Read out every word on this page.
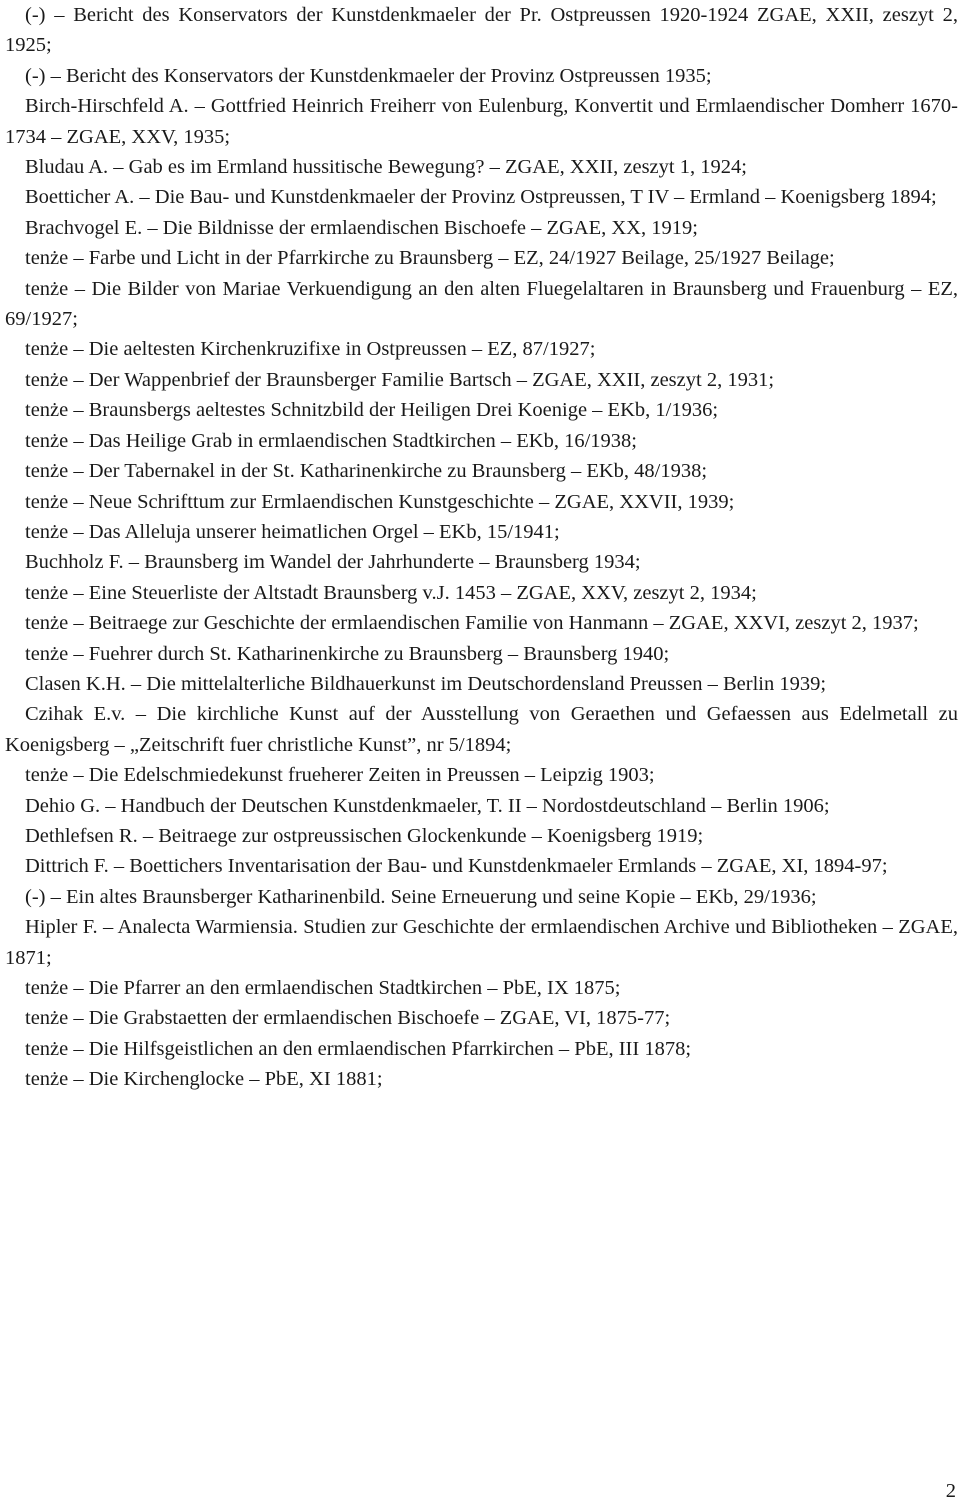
(-) – Bericht des Konservators der Kunstdenkmaeler der Pr. Ostpreussen 1920-1924 ZGAE, XXII, zeszyt 2, 1925;

(-) – Bericht des Konservators der Kunstdenkmaeler der Provinz Ostpreussen 1935;

Birch-Hirschfeld A. – Gottfried Heinrich Freiherr von Eulenburg, Konvertit und Ermlaendischer Domherr 1670-1734 – ZGAE, XXV, 1935;

Bludau A. – Gab es im Ermland hussitische Bewegung? – ZGAE, XXII, zeszyt 1, 1924;

Boetticher A. – Die Bau- und Kunstdenkmaeler der Provinz Ostpreussen, T IV – Ermland – Koenigsberg 1894;

Brachvogel E. – Die Bildnisse der ermlaendischen Bischoefe – ZGAE, XX, 1919;

tenże – Farbe und Licht in der Pfarrkirche zu Braunsberg – EZ, 24/1927 Beilage, 25/1927 Beilage;

tenże – Die Bilder von Mariae Verkuendigung an den alten Fluegelaltaren in Braunsberg und Frauenburg – EZ, 69/1927;

tenże – Die aeltesten Kirchenkruzifixe in Ostpreussen – EZ, 87/1927;

tenże – Der Wappenbrief der Braunsberger Familie Bartsch – ZGAE, XXII, zeszyt 2, 1931;

tenże – Braunsbergs aeltestes Schnitzbild der Heiligen Drei Koenige – EKb, 1/1936;

tenże – Das Heilige Grab in ermlaendischen Stadtkirchen – EKb, 16/1938;

tenże – Der Tabernakel in der St. Katharinenkirche zu Braunsberg – EKb, 48/1938;

tenże – Neue Schrifttum zur Ermlaendischen Kunstgeschichte – ZGAE, XXVII, 1939;

tenże – Das Alleluja unserer heimatlichen Orgel – EKb, 15/1941;

Buchholz F. – Braunsberg im Wandel der Jahrhunderte – Braunsberg 1934;

tenże – Eine Steuerliste der Altstadt Braunsberg v.J. 1453 – ZGAE, XXV, zeszyt 2, 1934;

tenże – Beitraege zur Geschichte der ermlaendischen Familie von Hanmann – ZGAE, XXVI, zeszyt 2, 1937;

tenże – Fuehrer durch St. Katharinenkirche zu Braunsberg – Braunsberg 1940;

Clasen K.H. – Die mittelalterliche Bildhauerkunst im Deutschordensland Preussen – Berlin 1939;

Czihak E.v. – Die kirchliche Kunst auf der Ausstellung von Geraethen und Gefaessen aus Edelmetall zu Koenigsberg – „Zeitschrift fuer christliche Kunst”, nr 5/1894;

tenże – Die Edelschmiedekunst frueherer Zeiten in Preussen – Leipzig 1903;

Dehio G. – Handbuch der Deutschen Kunstdenkmaeler, T. II – Nordostdeutschland – Berlin 1906;

Dethlefsen R. – Beitraege zur ostpreussischen Glockenkunde – Koenigsberg 1919;

Dittrich F. – Boettichers Inventarisation der Bau- und Kunstdenkmaeler Ermlands – ZGAE, XI, 1894-97;

(-) – Ein altes Braunsberger Katharinenbild. Seine Erneuerung und seine Kopie – EKb, 29/1936;

Hipler F. – Analecta Warmiensia. Studien zur Geschichte der ermlaendischen Archive und Bibliotheken – ZGAE, 1871;

tenże – Die Pfarrer an den ermlaendischen Stadtkirchen – PbE, IX 1875;

tenże – Die Grabstaetten der ermlaendischen Bischoefe – ZGAE, VI, 1875-77;

tenże – Die Hilfsgeistlichen an den ermlaendischen Pfarrkirchen – PbE, III 1878;

tenże – Die Kirchenglocke – PbE, XI 1881;

2
